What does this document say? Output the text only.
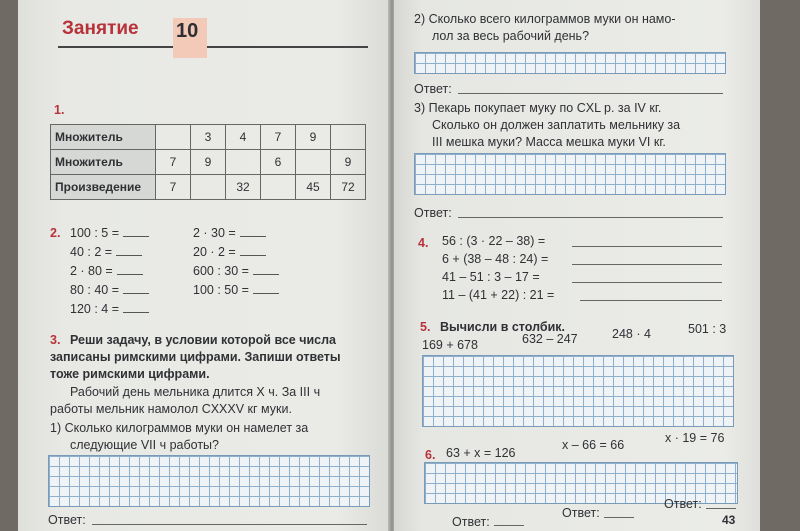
Занятие 10
1.
Множитель		3	4	7	9	
Множитель	7	9		6		9
Произведение	7		32		45	72
2. 100 : 5 =
40 : 2 =
2 · 80 =
80 : 40 =
120 : 4 =
2 · 30 =
20 · 2 =
600 : 30 =
100 : 50 =
3. Реши задачу, в условии которой все числа
записаны римскими цифрами. Запиши ответы
тоже римскими цифрами.
Рабочий день мельника длится X ч. За III ч
работы мельник намолол СXXXV кг муки.
1) Сколько килограммов муки он намелет за
следующие VII ч работы?
Ответ:
2) Сколько всего килограммов муки он намо-
лол за весь рабочий день?
Ответ:
3) Пекарь покупает муку по CXL р. за IV кг.
Сколько он должен заплатить мельнику за
III мешка муки? Масса мешка муки VI кг.
Ответ:
4. 56 : (3 · 22 – 38) =
6 + (38 – 48 : 24) =
41 – 51 : 3 – 17 =
11 – (41 + 22) : 21 =
5. Вычисли в столбик.
169 + 678	632 – 247	248 · 4	501 : 3
6. 63 + x = 126
x – 66 = 66	x · 19 = 76
Ответ:
Ответ:
Ответ:
43
